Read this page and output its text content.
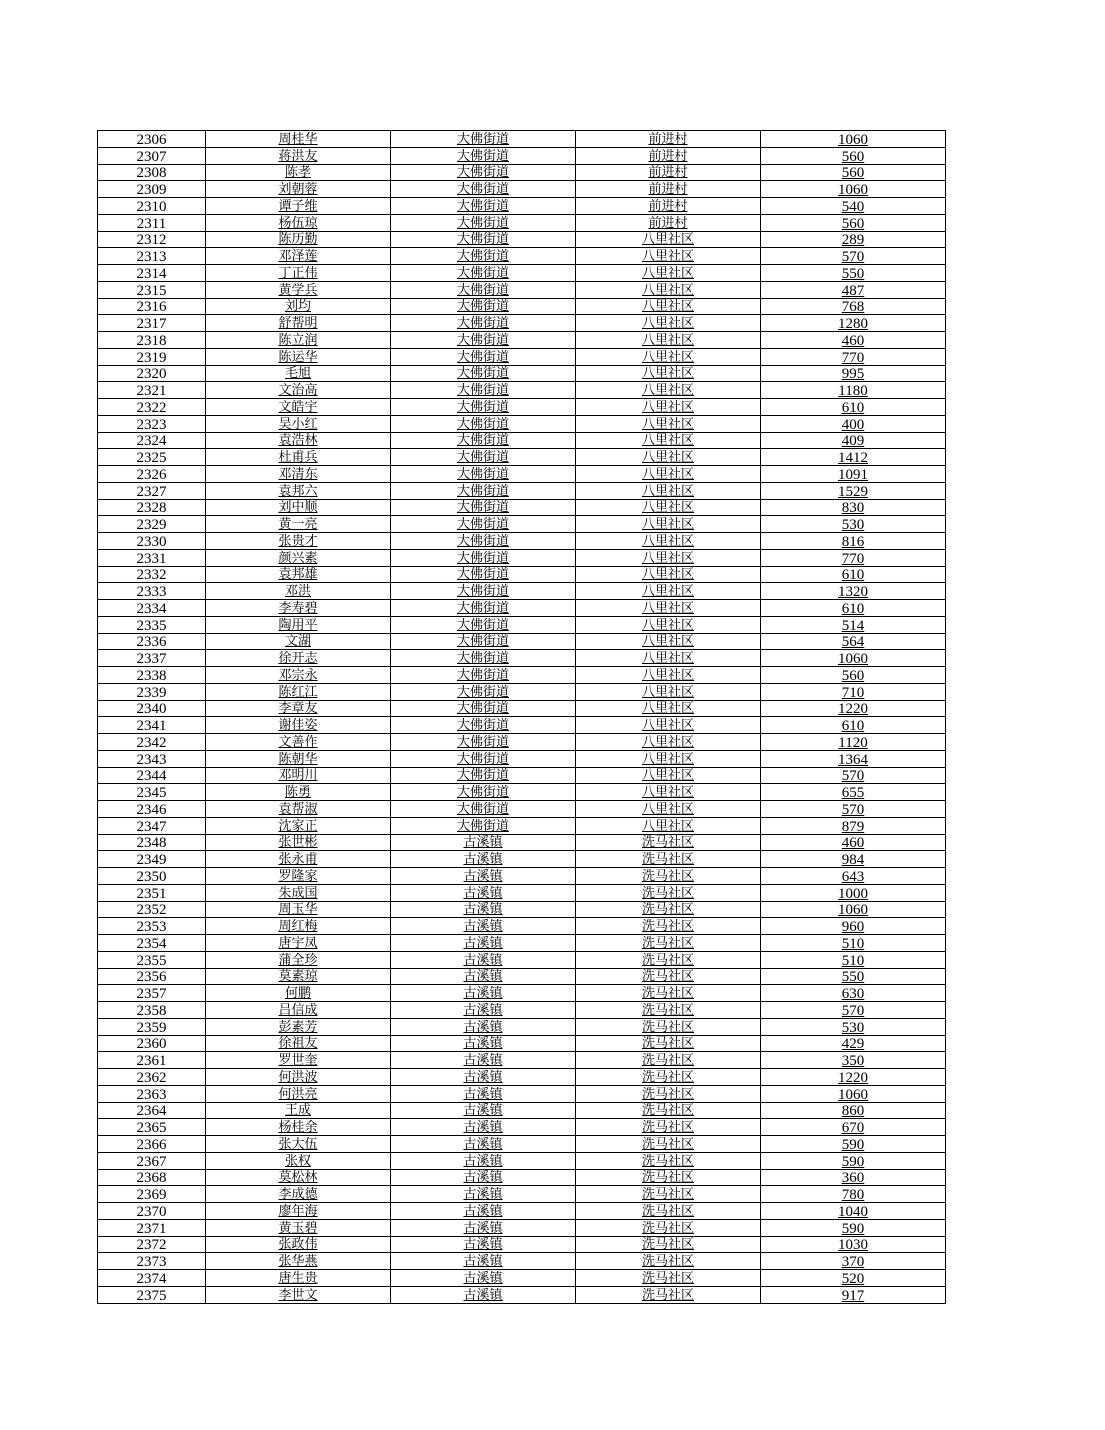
2306	周桂华	大佛街道	前进村	1060
2307	蒋洪友	大佛街道	前进村	560
2308	陈孝	大佛街道	前进村	560
2309	刘朝蓉	大佛街道	前进村	1060
2310	谭子维	大佛街道	前进村	540
2311	杨伍琼	大佛街道	前进村	560
2312	陈历勤	大佛街道	八里社区	289
2313	邓泽莲	大佛街道	八里社区	570
2314	丁正伟	大佛街道	八里社区	550
2315	黄学兵	大佛街道	八里社区	487
2316	刘均	大佛街道	八里社区	768
2317	舒帮明	大佛街道	八里社区	1280
2318	陈立润	大佛街道	八里社区	460
2319	陈运华	大佛街道	八里社区	770
2320	毛旭	大佛街道	八里社区	995
2321	文治高	大佛街道	八里社区	1180
2322	文皓宇	大佛街道	八里社区	610
2323	吴小红	大佛街道	八里社区	400
2324	袁浩林	大佛街道	八里社区	409
2325	杜甫兵	大佛街道	八里社区	1412
2326	邓清东	大佛街道	八里社区	1091
2327	袁邦六	大佛街道	八里社区	1529
2328	刘中顺	大佛街道	八里社区	830
2329	黄一亮	大佛街道	八里社区	530
2330	张贵才	大佛街道	八里社区	816
2331	颜兴素	大佛街道	八里社区	770
2332	袁邦雄	大佛街道	八里社区	610
2333	邓洪	大佛街道	八里社区	1320
2334	李寿碧	大佛街道	八里社区	610
2335	陶用平	大佛街道	八里社区	514
2336	文湖	大佛街道	八里社区	564
2337	徐开志	大佛街道	八里社区	1060
2338	邓宗永	大佛街道	八里社区	560
2339	陈红江	大佛街道	八里社区	710
2340	李章友	大佛街道	八里社区	1220
2341	谢佳姿	大佛街道	八里社区	610
2342	文善作	大佛街道	八里社区	1120
2343	陈朝华	大佛街道	八里社区	1364
2344	邓明川	大佛街道	八里社区	570
2345	陈勇	大佛街道	八里社区	655
2346	袁帮淑	大佛街道	八里社区	570
2347	沈家正	大佛街道	八里社区	879
2348	张世彬	古溪镇	洗马社区	460
2349	张永甫	古溪镇	洗马社区	984
2350	罗隆家	古溪镇	洗马社区	643
2351	朱成国	古溪镇	洗马社区	1000
2352	周玉华	古溪镇	洗马社区	1060
2353	周红梅	古溪镇	洗马社区	960
2354	唐宇凤	古溪镇	洗马社区	510
2355	蒲全珍	古溪镇	洗马社区	510
2356	莫素琼	古溪镇	洗马社区	550
2357	何鹏	古溪镇	洗马社区	630
2358	吕信成	古溪镇	洗马社区	570
2359	彭素芳	古溪镇	洗马社区	530
2360	徐祖友	古溪镇	洗马社区	429
2361	罗世奎	古溪镇	洗马社区	350
2362	何洪波	古溪镇	洗马社区	1220
2363	何洪亮	古溪镇	洗马社区	1060
2364	王成	古溪镇	洗马社区	860
2365	杨桂余	古溪镇	洗马社区	670
2366	张大伍	古溪镇	洗马社区	590
2367	张权	古溪镇	洗马社区	590
2368	莫松林	古溪镇	洗马社区	360
2369	李成德	古溪镇	洗马社区	780
2370	廖年海	古溪镇	洗马社区	1040
2371	黄玉碧	古溪镇	洗马社区	590
2372	张政伟	古溪镇	洗马社区	1030
2373	张华燕	古溪镇	洗马社区	370
2374	唐生贵	古溪镇	洗马社区	520
2375	李世文	古溪镇	洗马社区	917
